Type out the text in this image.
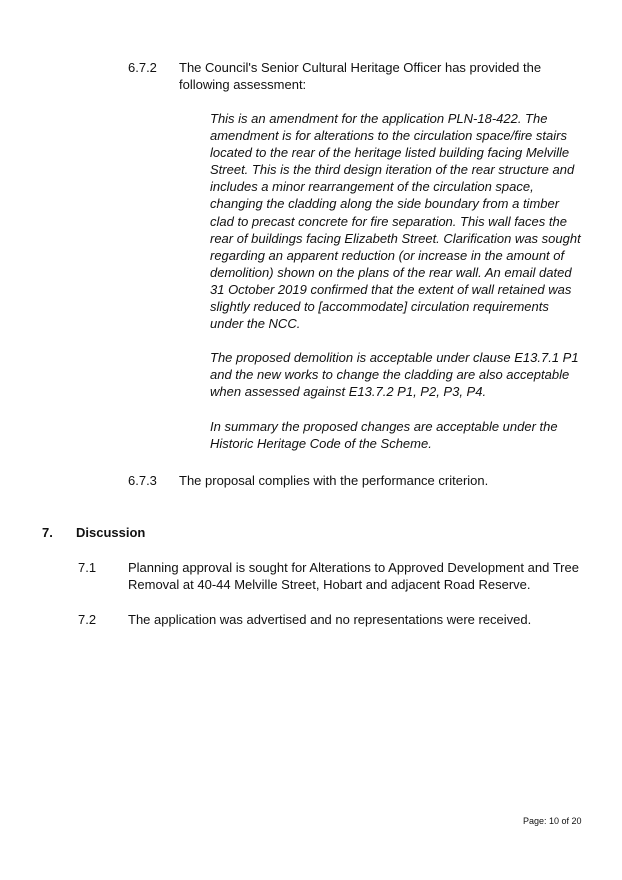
6.7.2 The Council's Senior Cultural Heritage Officer has provided the following assessment:

This is an amendment for the application PLN-18-422. The amendment is for alterations to the circulation space/fire stairs located to the rear of the heritage listed building facing Melville Street. This is the third design iteration of the rear structure and includes a minor rearrangement of the circulation space, changing the cladding along the side boundary from a timber clad to precast concrete for fire separation. This wall faces the rear of buildings facing Elizabeth Street. Clarification was sought regarding an apparent reduction (or increase in the amount of demolition) shown on the plans of the rear wall. An email dated 31 October 2019 confirmed that the extent of wall retained was slightly reduced to [accommodate] circulation requirements under the NCC.

The proposed demolition is acceptable under clause E13.7.1 P1 and the new works to change the cladding are also acceptable when assessed against E13.7.2 P1, P2, P3, P4.

In summary the proposed changes are acceptable under the Historic Heritage Code of the Scheme.

6.7.3 The proposal complies with the performance criterion.
7. Discussion
7.1 Planning approval is sought for Alterations to Approved Development and Tree Removal at 40-44 Melville Street, Hobart and adjacent Road Reserve.
7.2 The application was advertised and no representations were received.
Page: 10 of 20
